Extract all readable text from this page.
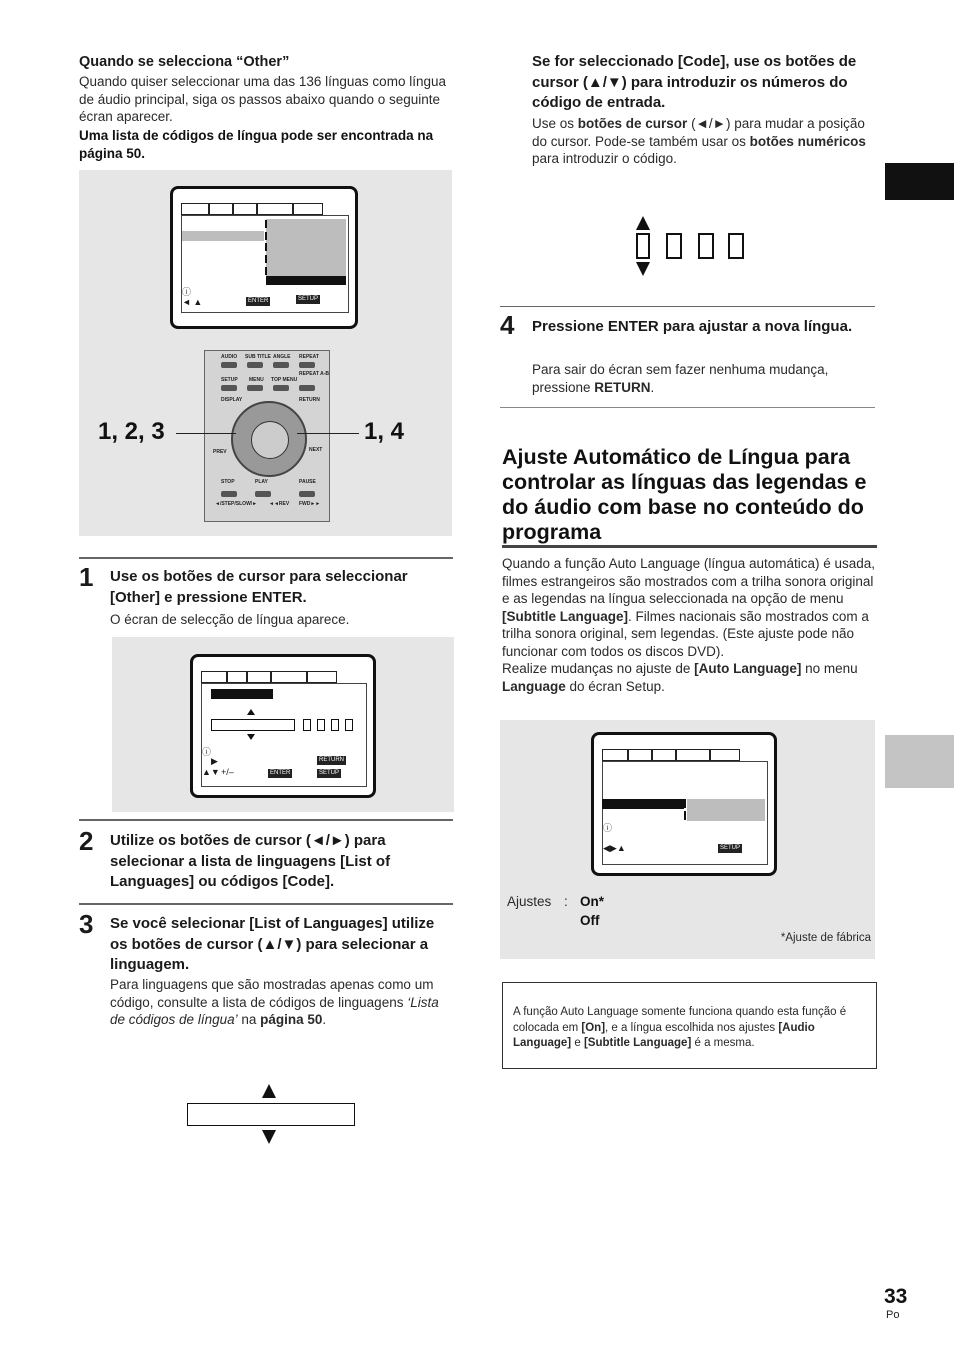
Quando se selecciona “Other”
Quando quiser seleccionar uma das 136 línguas como língua de áudio principal, siga os passos abaixo quando o seguinte écran aparecer.
Uma lista de códigos de língua pode ser encontrada na página 50.
ⓘ
◄ ▲	ENTER	SETUP
AUDIO SUB TITLE ANGLE REPEAT
SETUP MENU TOP MENU
REPEAT A-B
DISPLAY	RETURN
PREV	NEXT
STOP	PLAY	PAUSE
◄/STEP/SLOW/► ◄◄REV FWD►►
1, 2, 3	1, 4
1 Use os botões de cursor para seleccionar [Other] e pressione ENTER.
O écran de selecção de língua aparece.
ⓘ
▶
▲▼ +/–	ENTER
RETURN
SETUP
2 Utilize os botões de cursor (◄/►) para selecionar a lista de linguagens [List of Languages] ou códigos [Code].
3 Se você selecionar [List of Languages] utilize os botões de cursor (▲/▼) para selecionar a linguagem.
Para linguagens que são mostradas apenas como um código, consulte a lista de códigos de linguagens ‘Lista de códigos de língua’ na página 50.
Se for seleccionado [Code], use os botões de cursor (▲/▼) para introduzir os números do código de entrada.
Use os botões de cursor (◄/►) para mudar a posição do cursor. Pode-se também usar os botões numéricos para introduzir o código.
4 Pressione ENTER para ajustar a nova língua.
Para sair do écran sem fazer nenhuma mudança, pressione RETURN.
Ajuste Automático de Língua para controlar as línguas das legendas e do áudio com base no conteúdo do programa
Quando a função Auto Language (língua automática) é usada, filmes estrangeiros são mostrados com a trilha sonora original e as legendas na língua seleccionada na opção de menu [Subtitle Language]. Filmes nacionais são mostrados com a trilha sonora original, sem legendas. (Este ajuste pode não funcionar com todos os discos DVD).
Realize mudanças no ajuste de [Auto Language] no menu Language do écran Setup.
ⓘ
◀▶▲	SETUP
Ajustes : On*
Off
*Ajuste de fábrica
A função Auto Language somente funciona quando esta função é colocada em [On], e a língua escolhida nos ajustes [Audio Language] e [Subtitle Language] é a mesma.
33
Po
